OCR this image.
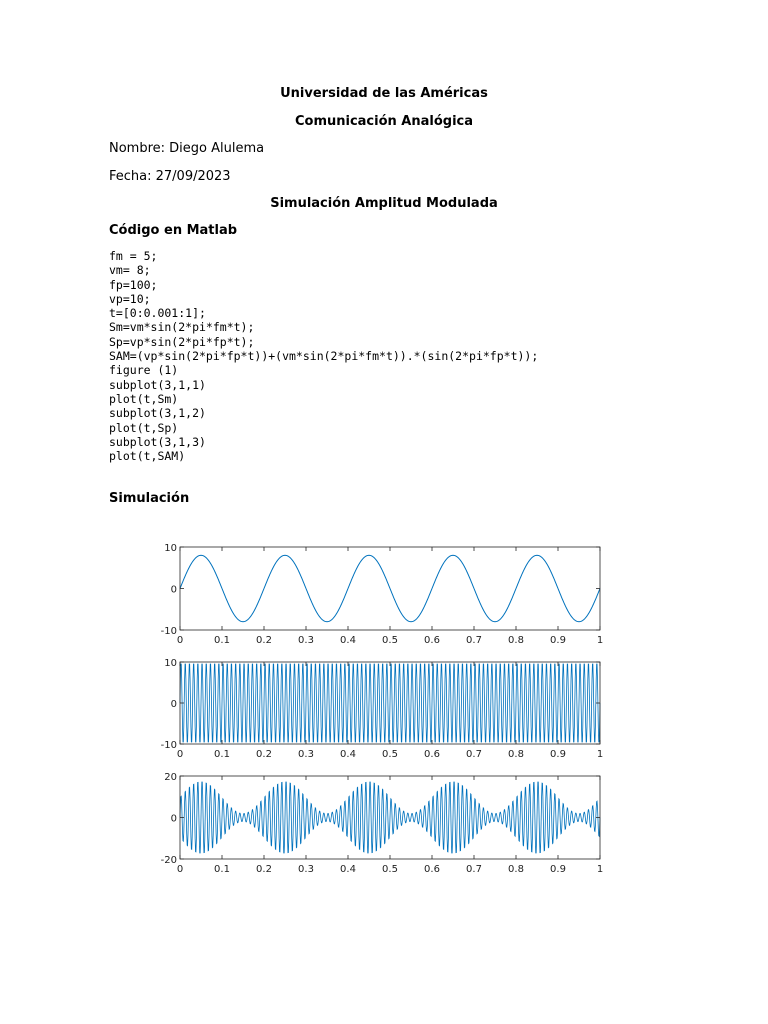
Universidad de las Américas
Comunicación Analógica
Nombre: Diego Alulema
Fecha: 27/09/2023
Simulación Amplitud Modulada
Código en Matlab
fm = 5;
vm= 8;
fp=100;
vp=10;
t=[0:0.001:1];
Sm=vm*sin(2*pi*fm*t);
Sp=vp*sin(2*pi*fp*t);
SAM=(vp*sin(2*pi*fp*t))+(vm*sin(2*pi*fm*t)).*(sin(2*pi*fp*t));
figure (1)
subplot(3,1,1)
plot(t,Sm)
subplot(3,1,2)
plot(t,Sp)
subplot(3,1,3)
plot(t,SAM)
Simulación
0	0.1	0.2	0.3	0.4	0.5	0.6	0.7	0.8	0.9	1
10
0
-10
0	0.1	0.2	0.3	0.4	0.5	0.6	0.7	0.8	0.9	1
10
0
-10
0	0.1	0.2	0.3	0.4	0.5	0.6	0.7	0.8	0.9	1
20
0
-20
